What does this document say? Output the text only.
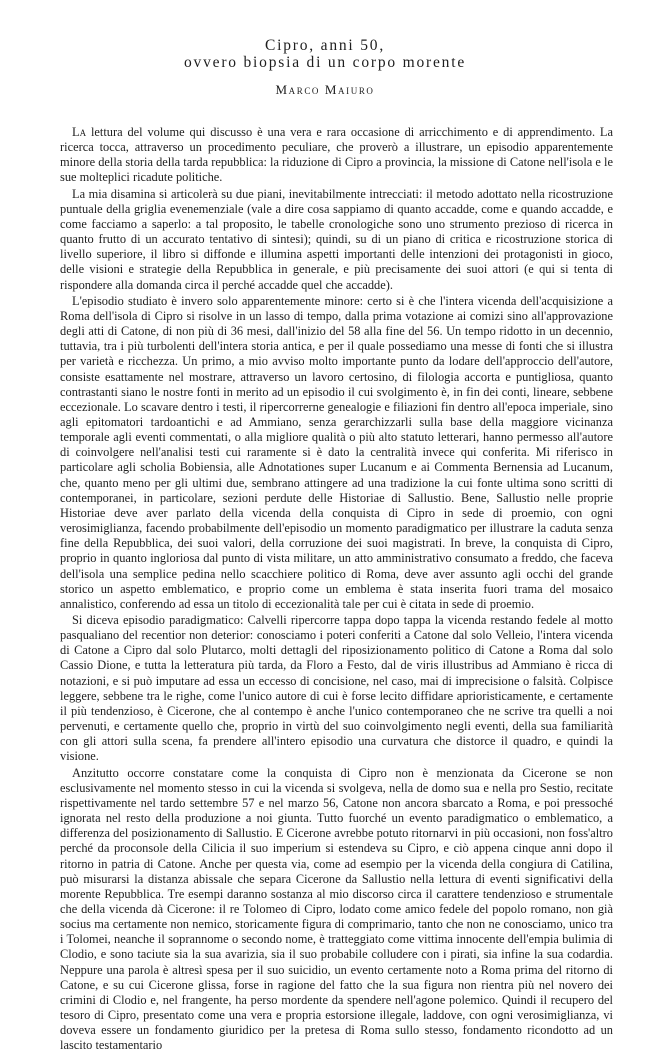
Cipro, anni 50,
ovvero biopsia di un corpo morente
Marco Maiuro

La lettura del volume qui discusso è una vera e rara occasione di arricchimento e di apprendimento. La ricerca tocca, attraverso un procedimento peculiare, che proverò a illustrare, un episodio apparentemente minore della storia della tarda repubblica: la riduzione di Cipro a provincia, la missione di Catone nell'isola e le sue molteplici ricadute politiche.

La mia disamina si articolerà su due piani, inevitabilmente intrecciati: il metodo adottato nella ricostruzione puntuale della griglia evenemenziale (vale a dire cosa sappiamo di quanto accadde, come e quando accadde, e come facciamo a saperlo: a tal proposito, le tabelle cronologiche sono uno strumento prezioso di ricerca in quanto frutto di un accurato tentativo di sintesi); quindi, su di un piano di critica e ricostruzione storica di livello superiore, il libro si diffonde e illumina aspetti importanti delle intenzioni dei protagonisti in gioco, delle visioni e strategie della Repubblica in generale, e più precisamente dei suoi attori (e qui si tenta di rispondere alla domanda circa il perché accadde quel che accadde).

L'episodio studiato è invero solo apparentemente minore: certo si è che l'intera vicenda dell'acquisizione a Roma dell'isola di Cipro si risolve in un lasso di tempo, dalla prima votazione ai comizi sino all'approvazione degli atti di Catone, di non più di 36 mesi, dall'inizio del 58 alla fine del 56. Un tempo ridotto in un decennio, tuttavia, tra i più turbolenti dell'intera storia antica, e per il quale possediamo una messe di fonti che si illustra per varietà e ricchezza. Un primo, a mio avviso molto importante punto da lodare dell'approccio dell'autore, consiste esattamente nel mostrare, attraverso un lavoro certosino, di filologia accorta e puntigliosa, quanto contrastanti siano le nostre fonti in merito ad un episodio il cui svolgimento è, in fin dei conti, lineare, sebbene eccezionale. Lo scavare dentro i testi, il ripercorrerne genealogie e filiazioni fin dentro all'epoca imperiale, sino agli epitomatori tardoantichi e ad Ammiano, senza gerarchizzarli sulla base della maggiore vicinanza temporale agli eventi commentati, o alla migliore qualità o più alto statuto letterari, hanno permesso all'autore di coinvolgere nell'analisi testi cui raramente si è dato la centralità invece qui conferita. Mi riferisco in particolare agli scholia Bobiensia, alle Adnotationes super Lucanum e ai Commenta Bernensia ad Lucanum, che, quanto meno per gli ultimi due, sembrano attingere ad una tradizione la cui fonte ultima sono scritti di contemporanei, in particolare, sezioni perdute delle Historiae di Sallustio. Bene, Sallustio nelle proprie Historiae deve aver parlato della vicenda della conquista di Cipro in sede di proemio, con ogni verosimiglianza, facendo probabilmente dell'episodio un momento paradigmatico per illustrare la caduta senza fine della Repubblica, dei suoi valori, della corruzione dei suoi magistrati. In breve, la conquista di Cipro, proprio in quanto ingloriosa dal punto di vista militare, un atto amministrativo consumato a freddo, che faceva dell'isola una semplice pedina nello scacchiere politico di Roma, deve aver assunto agli occhi del grande storico un aspetto emblematico, e proprio come un emblema è stata inserita fuori trama del mosaico annalistico, conferendo ad essa un titolo di eccezionalità tale per cui è citata in sede di proemio.

Si diceva episodio paradigmatico: Calvelli ripercorre tappa dopo tappa la vicenda restando fedele al motto pasqualiano del recentior non deterior: conosciamo i poteri conferiti a Catone dal solo Velleio, l'intera vicenda di Catone a Cipro dal solo Plutarco, molti dettagli del riposizionamento politico di Catone a Roma dal solo Cassio Dione, e tutta la letteratura più tarda, da Floro a Festo, dal de viris illustribus ad Ammiano è ricca di notazioni, e si può imputare ad essa un eccesso di concisione, nel caso, mai di imprecisione o falsità. Colpisce leggere, sebbene tra le righe, come l'unico autore di cui è forse lecito diffidare aprioristicamente, e certamente il più tendenzioso, è Cicerone, che al contempo è anche l'unico contemporaneo che ne scrive tra quelli a noi pervenuti, e certamente quello che, proprio in virtù del suo coinvolgimento negli eventi, della sua familiarità con gli attori sulla scena, fa prendere all'intero episodio una curvatura che distorce il quadro, e quindi la visione.

Anzitutto occorre constatare come la conquista di Cipro non è menzionata da Cicerone se non esclusivamente nel momento stesso in cui la vicenda si svolgeva, nella de domo sua e nella pro Sestio, recitate rispettivamente nel tardo settembre 57 e nel marzo 56, Catone non ancora sbarcato a Roma, e poi pressoché ignorata nel resto della produzione a noi giunta. Tutto fuorché un evento paradigmatico o emblematico, a differenza del posizionamento di Sallustio. E Cicerone avrebbe potuto ritornarvi in più occasioni, non foss'altro perché da proconsole della Cilicia il suo imperium si estendeva su Cipro, e ciò appena cinque anni dopo il ritorno in patria di Catone. Anche per questa via, come ad esempio per la vicenda della congiura di Catilina, può misurarsi la distanza abissale che separa Cicerone da Sallustio nella lettura di eventi significativi della morente Repubblica. Tre esempi daranno sostanza al mio discorso circa il carattere tendenzioso e strumentale che della vicenda dà Cicerone: il re Tolomeo di Cipro, lodato come amico fedele del popolo romano, non già socius ma certamente non nemico, storicamente figura di comprimario, tanto che non ne conosciamo, unico tra i Tolomei, neanche il soprannome o secondo nome, è tratteggiato come vittima innocente dell'empia bulimia di Clodio, e sono taciute sia la sua avarizia, sia il suo probabile colludere con i pirati, sia infine la sua codardia. Neppure una parola è altresì spesa per il suo suicidio, un evento certamente noto a Roma prima del ritorno di Catone, e su cui Cicerone glissa, forse in ragione del fatto che la sua figura non rientra più nel novero dei crimini di Clodio e, nel frangente, ha perso mordente da spendere nell'agone polemico. Quindi il recupero del tesoro di Cipro, presentato come una vera e propria estorsione illegale, laddove, con ogni verosimiglianza, vi doveva essere un fondamento giuridico per la pretesa di Roma sullo stesso, fondamento ricondotto ad un lascito testamentario
